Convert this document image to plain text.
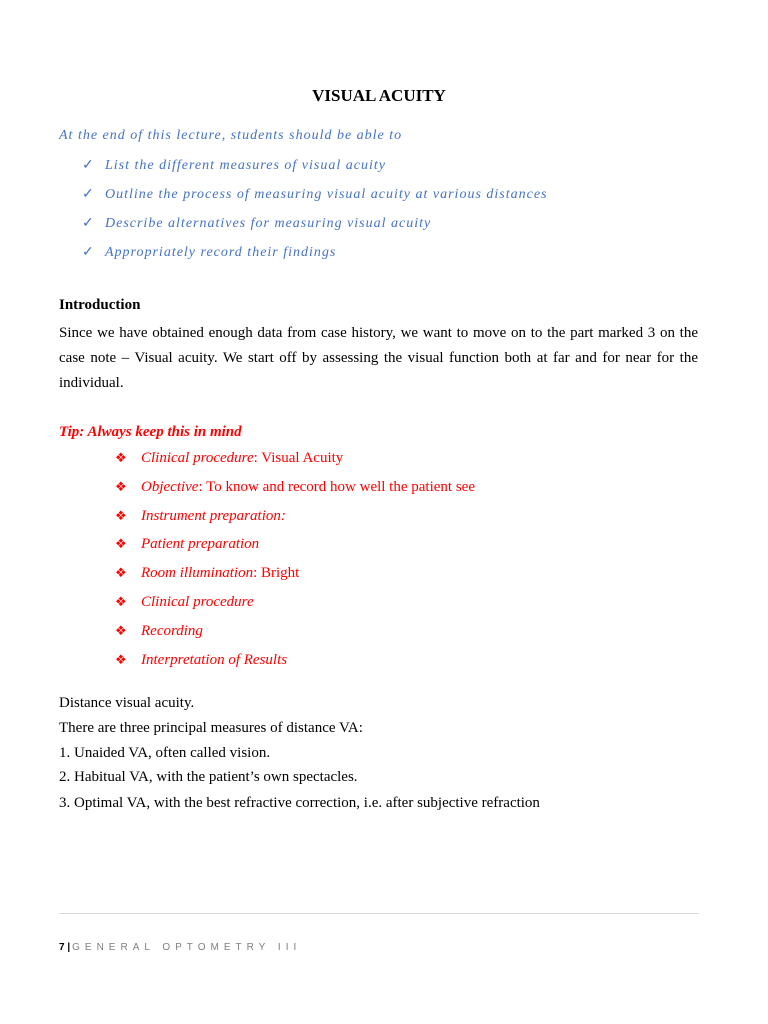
VISUAL ACUITY
At the end of this lecture, students should be able to
✓ List the different measures of visual acuity
✓ Outline the process of measuring visual acuity at various distances
✓ Describe alternatives for measuring visual acuity
✓ Appropriately record their findings
Introduction
Since we have obtained enough data from case history, we want to move on to the part marked 3 on the case note – Visual acuity. We start off by assessing the visual function both at far and for near for the individual.
Tip: Always keep this in mind
❖ Clinical procedure: Visual Acuity
❖ Objective: To know and record how well the patient see
❖ Instrument preparation:
❖ Patient preparation
❖ Room illumination: Bright
❖ Clinical procedure
❖ Recording
❖ Interpretation of Results
Distance visual acuity.
There are three principal measures of distance VA:
1. Unaided VA, often called vision.
2. Habitual VA, with the patient’s own spectacles.
3. Optimal VA, with the best refractive correction, i.e. after subjective refraction
7 | GENERAL OPTOMETRY III
